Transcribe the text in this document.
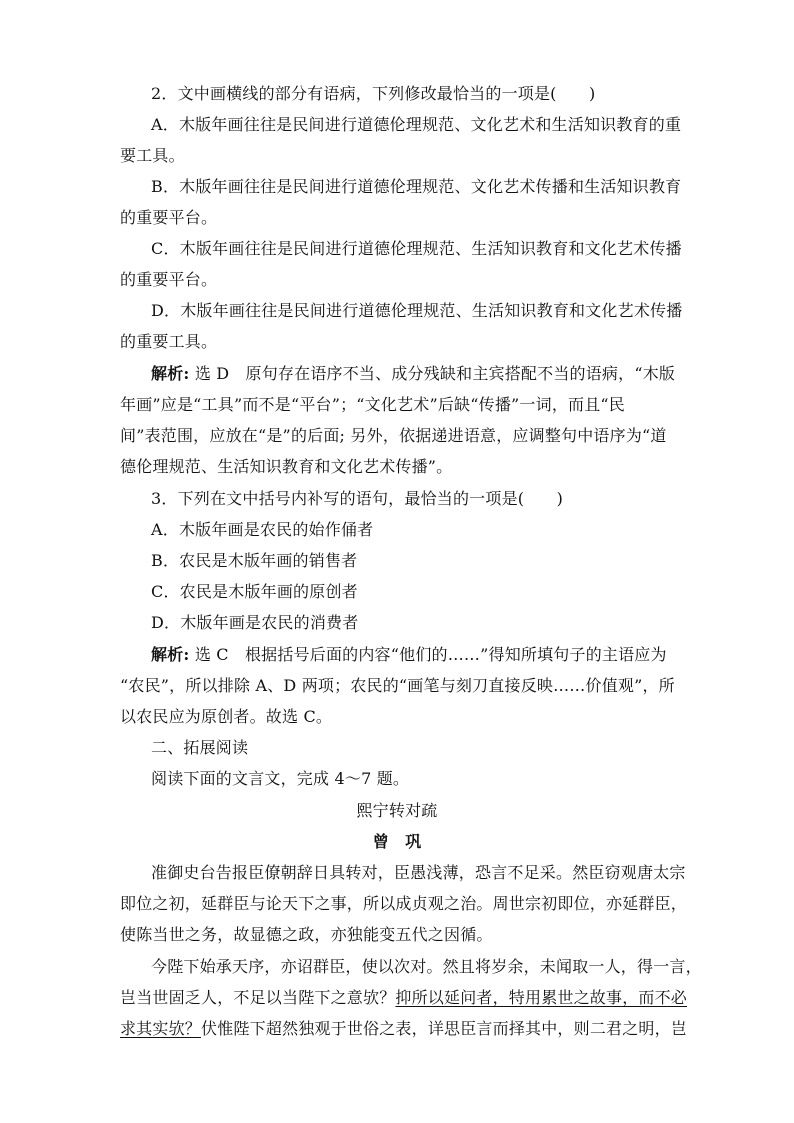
2．文中画横线的部分有语病，下列修改最恰当的一项是(　　)
A．木版年画往往是民间进行道德伦理规范、文化艺术和生活知识教育的重
要工具。
B．木版年画往往是民间进行道德伦理规范、文化艺术传播和生活知识教育
的重要平台。
C．木版年画往往是民间进行道德伦理规范、生活知识教育和文化艺术传播
的重要平台。
D．木版年画往往是民间进行道德伦理规范、生活知识教育和文化艺术传播
的重要工具。
解析: 选 D　原句存在语序不当、成分残缺和主宾搭配不当的语病，“木版
年画”应是“工具”而不是“平台”；“文化艺术”后缺“传播”一词，而且“民
间”表范围，应放在“是”的后面; 另外，依据递进语意，应调整句中语序为“道
德伦理规范、生活知识教育和文化艺术传播”。
3．下列在文中括号内补写的语句，最恰当的一项是(　　)
A．木版年画是农民的始作俑者
B．农民是木版年画的销售者
C．农民是木版年画的原创者
D．木版年画是农民的消费者
解析: 选 C　根据括号后面的内容“他们的……”得知所填句子的主语应为
“农民”，所以排除 A、D 两项；农民的“画笔与刻刀直接反映……价值观”，所
以农民应为原创者。故选 C。
二、拓展阅读
阅读下面的文言文，完成 4～7 题。
熙宁转对疏
曾　巩
准御史台告报臣僚朝辞日具转对，臣愚浅薄，恐言不足采。然臣窃观唐太宗
即位之初，延群臣与论天下之事，所以成贞观之治。周世宗初即位，亦延群臣，
使陈当世之务，故显德之政，亦独能变五代之因循。
今陛下始承天序，亦诏群臣，使以次对。然且将岁余，未闻取一人，得一言，
岂当世固乏人，不足以当陛下之意欤？抑所以延问者，特用累世之故事，而不必
求其实欤？伏惟陛下超然独观于世俗之表，详思臣言而择其中，则二君之明，岂
